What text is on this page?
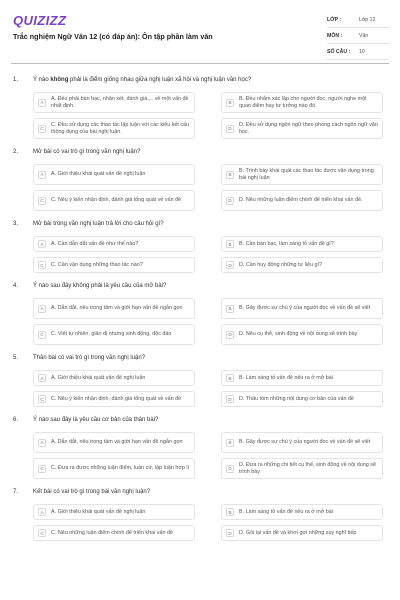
QUIZIZZ
Trắc nghiệm Ngữ Văn 12 (có đáp án): Ôn tập phần làm văn
LỚP :	Lớp 12
MÔN :	Văn
SỐ CÂU :	10
1.	Ý nào không phải là điểm giống nhau giữa nghị luận xã hội và nghị luận văn học?
A
A. Đều phải bàn bạc, nhận xét, đánh giá,... về một vấn đề nhất định.	B
B. Đều nhằm xác lập cho người đọc, người nghe một quan điểm hay tư tưởng nào đó.
C
C. Đều sử dụng các thao tác lập luận với các kiểu kết cấu thông dụng của bài nghị luận.	D
D. Đều sử dụng ngôn ngữ theo phong cách ngôn ngữ văn học.
2.	Mở bài có vai trò gì trong văn nghị luận?
A	A. Giới thiệu khái quát vấn đề nghị luận	B
B. Trình bày khái quát các thao tác được vận dụng trong bài nghị luận
C	C. Nêu ý kiến nhận định, đánh giá tổng quát về vấn đề	D	D. Nêu những luận điểm chính để triển khai vấn đề.
3.	Mở bài trong văn nghị luận trả lời cho câu hỏi gì?
A	A. Cần dẫn dắt vấn đề như thế nào?	B	B. Cần bàn bạc, làm sáng tỏ vấn đề gì?
C	C. Cần vận dụng những thao tác nào?	D	D. Cần huy động những tư liệu gì?
4.	Ý nào sau đây không phải là yêu cầu của mở bài?
A	A. Dẫn dắt, nêu trọng tâm và giới hạn vấn đề ngắn gọn	B	B. Gây được sự chú ý của người đọc về vấn đề sẽ viết
C	C. Viết tự nhiên, giản dị nhưng sinh động, độc đáo	D	D. Nêu cụ thể, sinh động về nội dung sẽ trình bày
5.	Thân bài có vai trò gì trong văn nghị luận?
A	A. Giới thiệu khái quát vấn đề nghị luận	B	B. Làm sáng tỏ vấn đề nêu ra ở mở bài
C	C. Nêu ý kiến nhận định, đánh giá tổng quát về vấn đề	D	D. Thâu tóm những nội dung cơ bản của vấn đề
6.	Ý nào sau đây là yêu cầu cơ bản của thân bài?
A	A. Dẫn dắt, nêu trọng tâm và giới hạn vấn đề ngắn gọn	B	B. Gây được sự chú ý của người đọc về vấn đề sẽ viết
C	C. Đưa ra được những luận điểm, luận cứ, lập luận hợp lí	D
D. Đưa ra những chi tiết cụ thể, sinh động về nội dung sẽ trình bày
7.	Kết bài có vai trò gì trong bài văn nghị luận?
A	A. Giới thiệu khái quát vấn đề nghị luận	B	B. Làm sáng tỏ vấn đề nêu ra ở mở bài
C	C. Nêu những luận điểm chính để triển khai vấn đề	D	D. Gói lại vấn đề và khơi gợi những suy nghĩ tiếp
